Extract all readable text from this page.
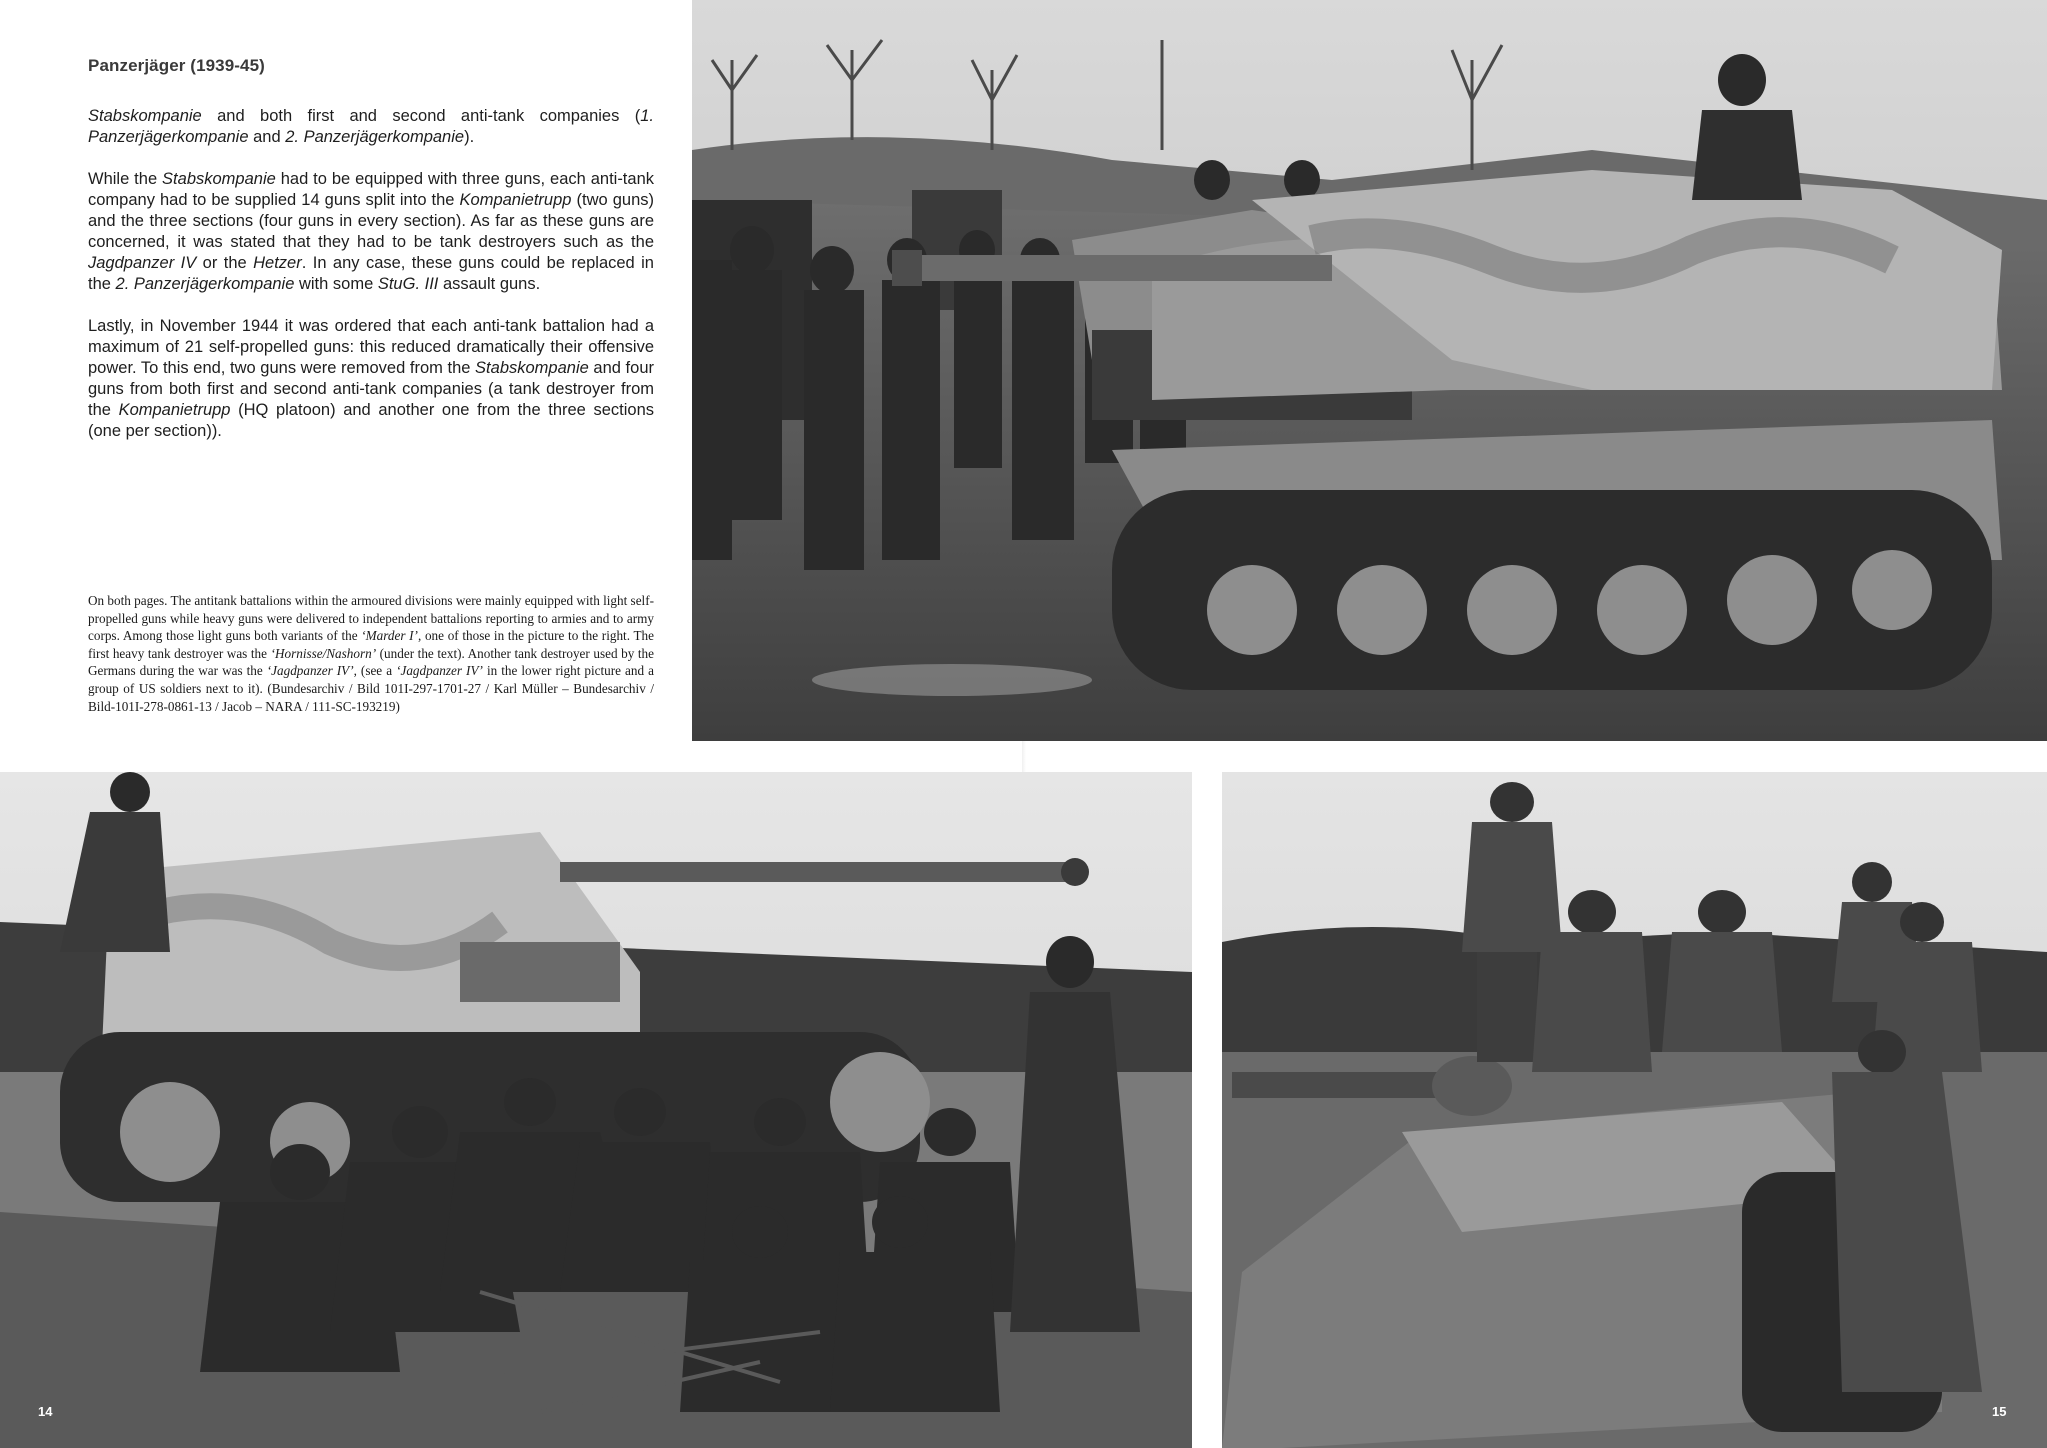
Panzerjäger (1939-45)

Stabskompanie and both first and second anti-tank companies (1. Panzerjägerkompanie and 2. Panzerjägerkompanie).

While the Stabskompanie had to be equipped with three guns, each anti-tank company had to be supplied 14 guns split into the Kompanietrupp (two guns) and the three sections (four guns in every section). As far as these guns are concerned, it was stated that they had to be tank destroyers such as the Jagdpanzer IV or the Hetzer. In any case, these guns could be replaced in the 2. Panzerjägerkompanie with some StuG. III assault guns.

Lastly, in November 1944 it was ordered that each anti-tank battalion had a maximum of 21 self-propelled guns: this reduced dramatically their offensive power. To this end, two guns were removed from the Stabskompanie and four guns from both first and second anti-tank companies (a tank destroyer from the Kompanietrupp (HQ platoon) and another one from the three sections (one per section)).

On both pages. The antitank battalions within the armoured divisions were mainly equipped with light self-propelled guns while heavy guns were delivered to independent battalions reporting to armies and to army corps. Among those light guns both variants of the ‘Marder I’, one of those in the picture to the right. The first heavy tank destroyer was the ‘Hornisse/Nashorn’ (under the text). Another tank destroyer used by the Germans during the war was the ‘Jagdpanzer IV’, (see a ‘Jagdpanzer IV’ in the lower right picture and a group of US soldiers next to it). (Bundesarchiv / Bild 101I-297-1701-27 / Karl Müller – Bundesarchiv / Bild-101I-278-0861-13 / Jacob – NARA / 111-SC-193219)
14	15
